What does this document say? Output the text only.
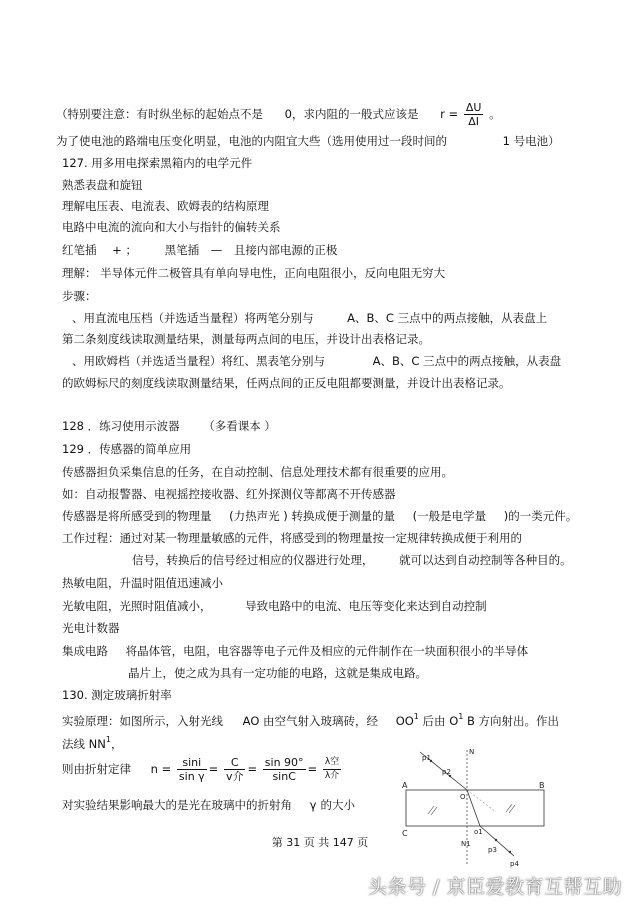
（特别要注意：有时纵坐标的起始点不是 0，求内阻的一般式应该是 $r = \frac{\Delta U}{\Delta I}$ 。
为了使电池的路端电压变化明显，电池的内阻宜大些（选用使用过一段时间的	1 号电池）
127. 用多用电探索黑箱内的电学元件
熟悉表盘和旋钮
理解电压表、电流表、欧姆表的结构原理
电路中电流的流向和大小与指针的偏转关系
红笔插 + ； 黑笔插 — 且接内部电源的正极
理解： 半导体元件二极管具有单向导电性，正向电阻很小，反向电阻无穷大
步骤：
、用直流电压档（并选适当量程）将两笔分别与	A、B、C 三点中的两点接触，从表盘上
第二条刻度线读取测量结果，测量每两点间的电压，并设计出表格记录。
、用欧姆档（并选适当量程）将红、黑表笔分别与	A、B、C 三点中的两点接触，从表盘
的欧姆标尺的刻度线读取测量结果，任两点间的正反电阻都要测量，并设计出表格记录。
128 ．练习使用示波器 （多看课本 ）
129 ．传感器的简单应用
传感器担负采集信息的任务，在自动控制、信息处理技术都有很重要的应用。
如：自动报警器、电视摇控接收器、红外探测仪等都离不开传感器
传感器是将所感受到的物理量 (力热声光 ) 转换成便于测量的量 (一般是电学量 )的一类元件。
工作过程：通过对某一物理量敏感的元件，将感受到的物理量按一定规律转换成便于利用的
信号，转换后的信号经过相应的仪器进行处理， 就可以达到自动控制等各种目的。
热敏电阻，升温时阻值迅速减小
光敏电阻，光照时阻值减小，	导致电路中的电流、电压等变化来达到自动控制
光电计数器
集成电路 将晶体管，电阻，电容器等电子元件及相应的元件制作在一块面积很小的半导体
晶片上，使之成为具有一定功能的电路，这就是集成电路。
130. 测定玻璃折射率
实验原理：如图所示，入射光线 AO 由空气射入玻璃砖，经 $OO^1$ 后由 $O^1$ B 方向射出。作出
法线 $NN^1$，
则由折射定律 $n = \frac{\sin i}{\text{sin γ}} = \frac{C}{\text{v介}} = \frac{\sin 90^\circ}{\sin C} = \frac{\text{λ空}}{\text{λ介}}$
对实验结果影响最大的是光在玻璃中的折射角 γ 的大小
N
p1
p2
A	B
O
C	o1
N1
p3
p4
第 31 页 共 147 页
头条号 / 京臣爱教育互帮互助
